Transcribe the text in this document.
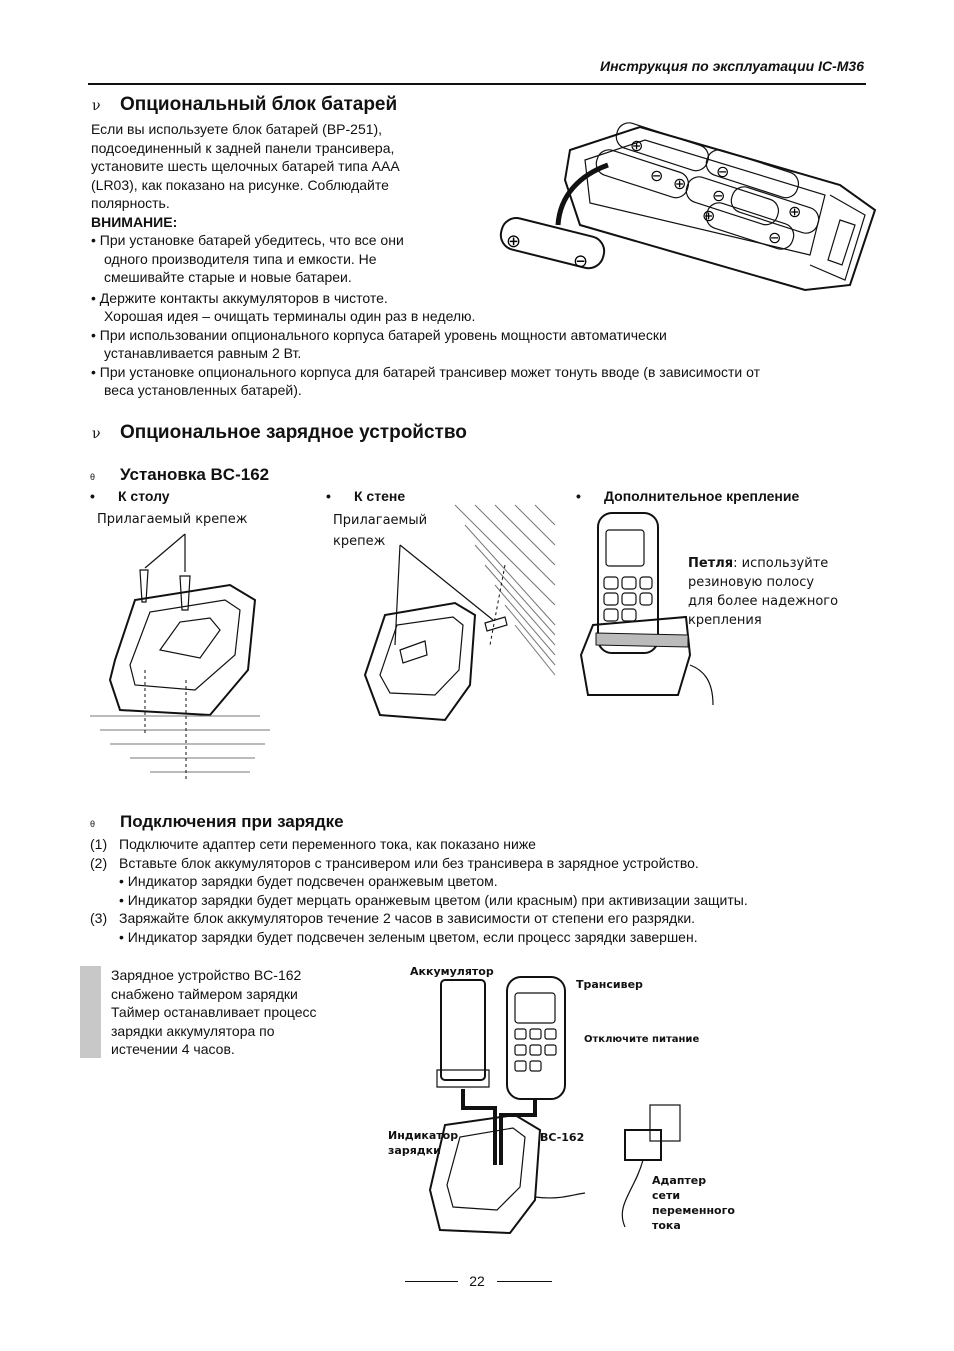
Инструкция по эксплуатации IC-M36
ν Опциональный блок батарей
Если вы используете блок батарей (BP-251),
подсоединенный к задней панели трансивера,
установите шесть щелочных батарей типа AAA
(LR03), как показано на рисунке. Соблюдайте
полярность.
ВНИМАНИЕ:
• При установке батарей убедитесь, что все они
одного производителя типа и емкости. Не
смешивайте старые и новые батареи.
• Держите контакты аккумуляторов в чистоте.
Хорошая идея – очищать терминалы один раз в неделю.
• При использовании опционального корпуса батарей уровень мощности автоматически
устанавливается равным 2 Вт.
• При установке опционального корпуса для батарей трансивер может тонуть вводе (в зависимости от
веса установленных батарей).
⊕
⊖ ⊕
⊖
⊖
⊕
⊕
⊖
⊕
⊖
ν Опциональное зарядное устройство
θ Установка BC-162
• К столу	• К стене	• Дополнительное крепление
Прилагаемый крепеж	Прилагаемый
крепеж
Петля: используйте
резиновую полосу
для более надежного
крепления
θ Подключения при зарядке
(1) Подключите адаптер сети переменного тока, как показано ниже
(2) Вставьте блок аккумуляторов с трансивером или без трансивера в зарядное устройство.
• Индикатор зарядки будет подсвечен оранжевым цветом.
• Индикатор зарядки будет мерцать оранжевым цветом (или красным) при активизации защиты.
(3) Заряжайте блок аккумуляторов течение 2 часов в зависимости от степени его разрядки.
• Индикатор зарядки будет подсвечен зеленым цветом, если процесс зарядки завершен.
Зарядное устройство BC-162
снабжено таймером зарядки
Таймер останавливает процесс
зарядки аккумулятора по
истечении 4 часов.
Аккумулятор
Трансивер
Отключите питание
Индикатор
зарядки
BC-162
Адаптер
сети
переменного
тока
22
